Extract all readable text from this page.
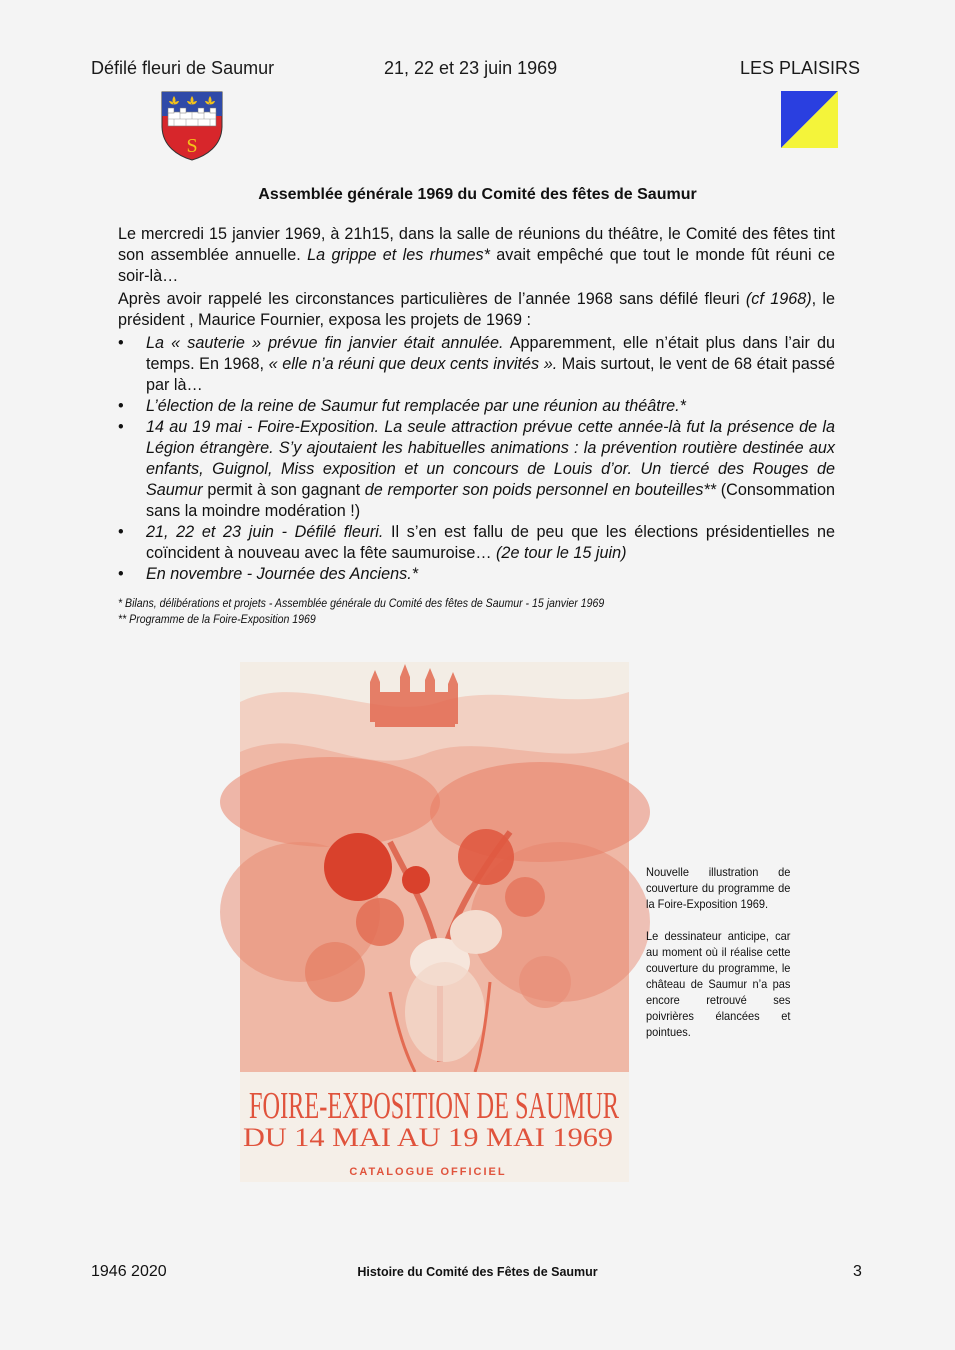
Défilé fleuri de Saumur	21, 22 et 23 juin 1969	LES PLAISIRS
S
Assemblée générale 1969 du Comité des fêtes de Saumur

Le mercredi 15 janvier 1969, à 21h15, dans la salle de réunions du théâtre, le Comité des fêtes tint son assemblée annuelle. La grippe et les rhumes* avait empêché que tout le monde fût réuni ce soir-là…

Après avoir rappelé les circonstances particulières de l’année 1968 sans défilé fleuri (cf 1968), le président , Maurice Fournier, exposa les projets de 1969 :

• La « sauterie » prévue fin janvier était annulée. Apparemment, elle n’était plus dans l’air du temps. En 1968, « elle n’a réuni que deux cents invités ». Mais surtout, le vent de 68 était passé par là…
• L’élection de la reine de Saumur fut remplacée par une réunion au théâtre.*
• 14 au 19 mai - Foire-Exposition. La seule attraction prévue cette année-là fut la présence de la Légion étrangère. S’y ajoutaient les habituelles animations : la prévention routière destinée aux enfants, Guignol, Miss exposition et un concours de Louis d’or. Un tiercé des Rouges de Saumur permit à son gagnant de remporter son poids personnel en bouteilles** (Consommation sans la moindre modération !)
• 21, 22 et 23 juin - Défilé fleuri. Il s’en est fallu de peu que les élections présidentielles ne coïncident à nouveau avec la fête saumuroise… (2e tour le 15 juin)
• En novembre - Journée des Anciens.*
* Bilans, délibérations et projets - Assemblée générale du Comité des fêtes de Saumur - 15 janvier 1969
** Programme de la Foire-Exposition 1969
FOIRE-EXPOSITION DE SAUMUR
DU 14 MAI AU 19 MAI 1969
CATALOGUE OFFICIEL

Nouvelle illustration de couverture du programme de la Foire-Exposition 1969.

Le dessinateur anticipe, car au moment où il réalise cette couverture du programme, le château de Saumur n’a pas encore retrouvé ses poivrières élancées et pointues.

1946 2020	Histoire du Comité des Fêtes de Saumur	3
